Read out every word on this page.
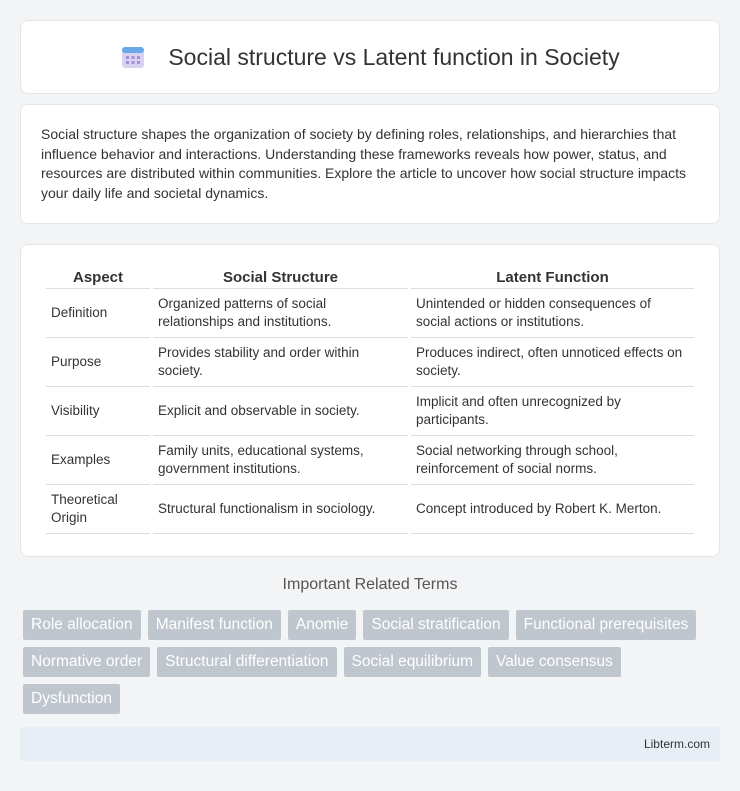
Social structure vs Latent function in Society

Social structure shapes the organization of society by defining roles, relationships, and hierarchies that influence behavior and interactions. Understanding these frameworks reveals how power, status, and resources are distributed within communities. Explore the article to uncover how social structure impacts your daily life and societal dynamics.

Aspect	Social Structure	Latent Function
Definition	Organized patterns of social relationships and institutions.	Unintended or hidden consequences of social actions or institutions.
Purpose	Provides stability and order within society.	Produces indirect, often unnoticed effects on society.
Visibility	Explicit and observable in society.	Implicit and often unrecognized by participants.
Examples	Family units, educational systems, government institutions.	Social networking through school, reinforcement of social norms.
Theoretical Origin	Structural functionalism in sociology.	Concept introduced by Robert K. Merton.
Important Related Terms
Role allocation	Manifest function	Anomie	Social stratification	Functional prerequisites
Normative order	Structural differentiation	Social equilibrium	Value consensus
Dysfunction
Libterm.com
